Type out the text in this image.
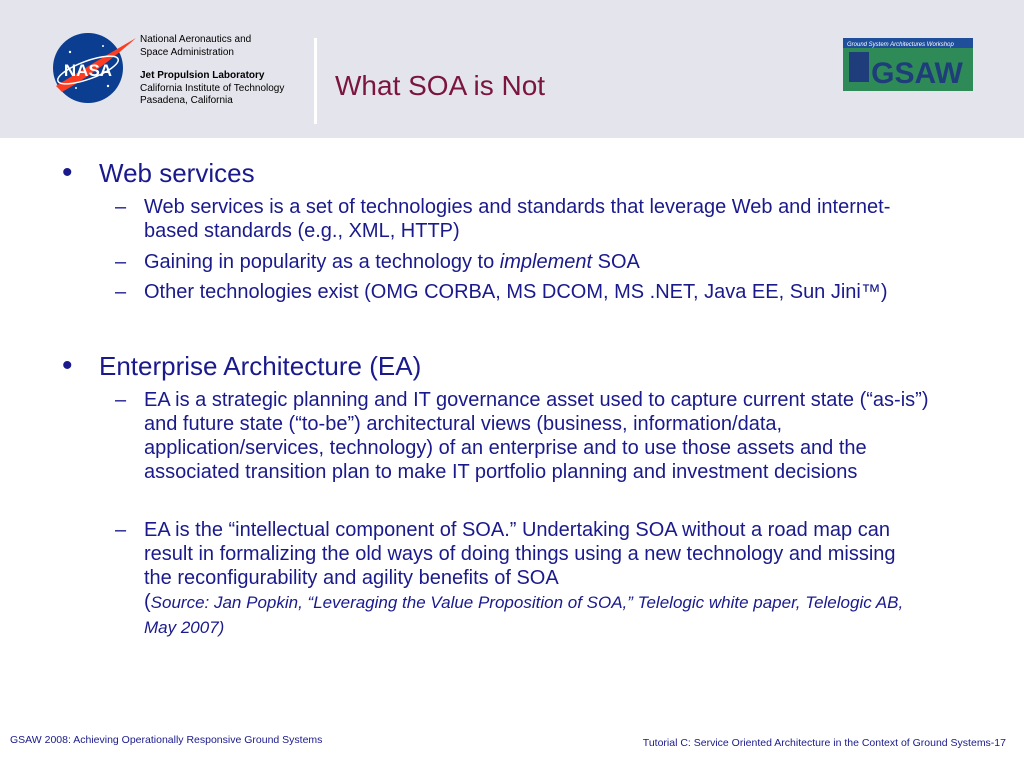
NASA
National Aeronautics and
Space Administration
Jet Propulsion Laboratory
California Institute of Technology
Pasadena, California	What SOA is Not
Ground System Architectures Workshop
GSAW
• Web services
– Web services is a set of technologies and standards that leverage Web and internet-based standards (e.g., XML, HTTP)
– Gaining in popularity as a technology to implement SOA
– Other technologies exist (OMG CORBA, MS DCOM, MS .NET, Java EE, Sun Jini™)
• Enterprise Architecture (EA)
– EA is a strategic planning and IT governance asset used to capture current state (“as-is”) and future state (“to-be”) architectural views (business, information/data, application/services, technology) of an enterprise and to use those assets and the associated transition plan to make IT portfolio planning and investment decisions
– EA is the “intellectual component of SOA.” Undertaking SOA without a road map can result in formalizing the old ways of doing things using a new technology and missing the reconfigurability and agility benefits of SOA
(Source: Jan Popkin, “Leveraging the Value Proposition of SOA,” Telelogic white paper, Telelogic AB, May 2007)
GSAW 2008: Achieving Operationally Responsive Ground Systems	Tutorial C: Service Oriented Architecture in the Context of Ground Systems-17
